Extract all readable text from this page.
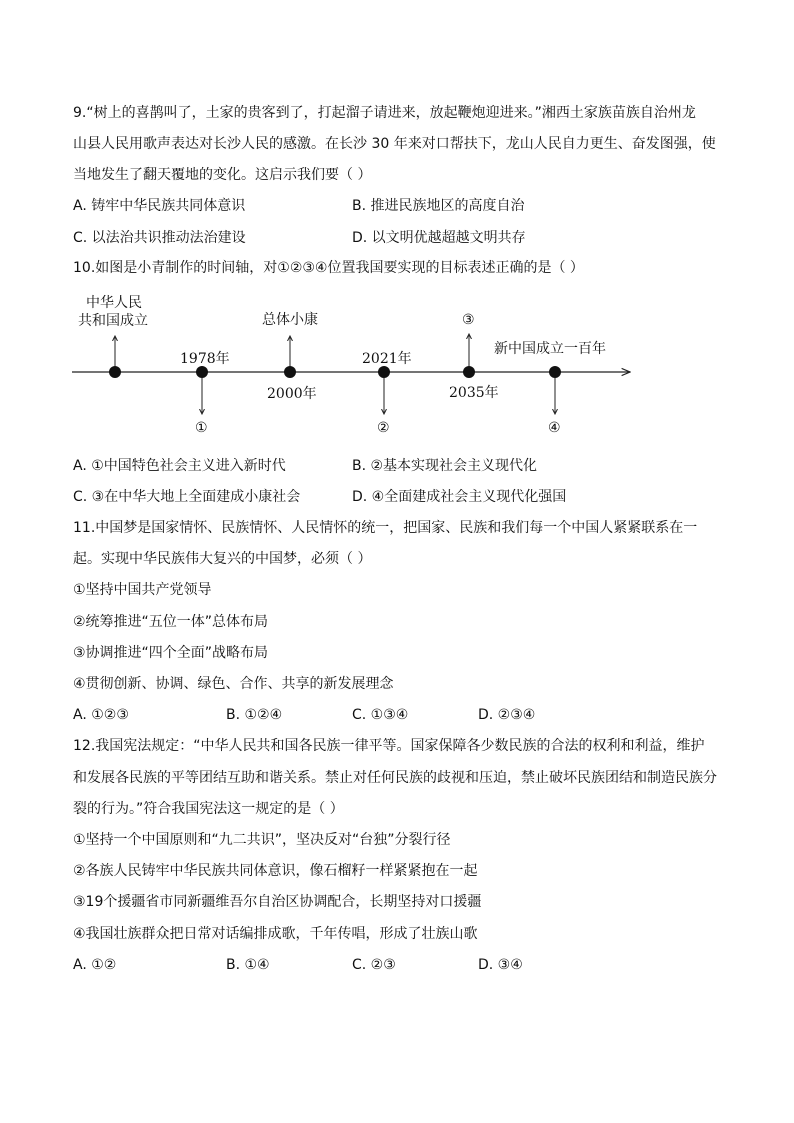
9.“树上的喜鹊叫了，土家的贵客到了，打起溜子请进来，放起鞭炮迎进来。”湘西土家族苗族自治州龙
山县人民用歌声表达对长沙人民的感激。在长沙 30 年来对口帮扶下，龙山人民自力更生、奋发图强，使
当地发生了翻天覆地的变化。这启示我们要（ ）
A. 铸牢中华民族共同体意识	B. 推进民族地区的高度自治
C. 以法治共识推动法治建设	D. 以文明优越超越文明共存
10.如图是小青制作的时间轴，对①②③④位置我国要实现的目标表述正确的是（ ）
中华人民
共和国成立
1978年
总体小康
2000年
2021年
2035年
③
新中国成立一百年
①	②	④
A. ①中国特色社会主义进入新时代	B. ②基本实现社会主义现代化
C. ③在中华大地上全面建成小康社会	D. ④全面建成社会主义现代化强国
11.中国梦是国家情怀、民族情怀、人民情怀的统一，把国家、民族和我们每一个中国人紧紧联系在一
起。实现中华民族伟大复兴的中国梦，必须（ ）
①坚持中国共产党领导
②统筹推进“五位一体”总体布局
③协调推进“四个全面”战略布局
④贯彻创新、协调、绿色、合作、共享的新发展理念
A. ①②③	B. ①②④	C. ①③④	D. ②③④
12.我国宪法规定：“中华人民共和国各民族一律平等。国家保障各少数民族的合法的权利和利益，维护
和发展各民族的平等团结互助和谐关系。禁止对任何民族的歧视和压迫，禁止破坏民族团结和制造民族分
裂的行为。”符合我国宪法这一规定的是（ ）
①坚持一个中国原则和“九二共识”，坚决反对“台独”分裂行径
②各族人民铸牢中华民族共同体意识，像石榴籽一样紧紧抱在一起
③19个援疆省市同新疆维吾尔自治区协调配合，长期坚持对口援疆
④我国壮族群众把日常对话编排成歌，千年传唱，形成了壮族山歌
A. ①②	B. ①④	C. ②③	D. ③④
